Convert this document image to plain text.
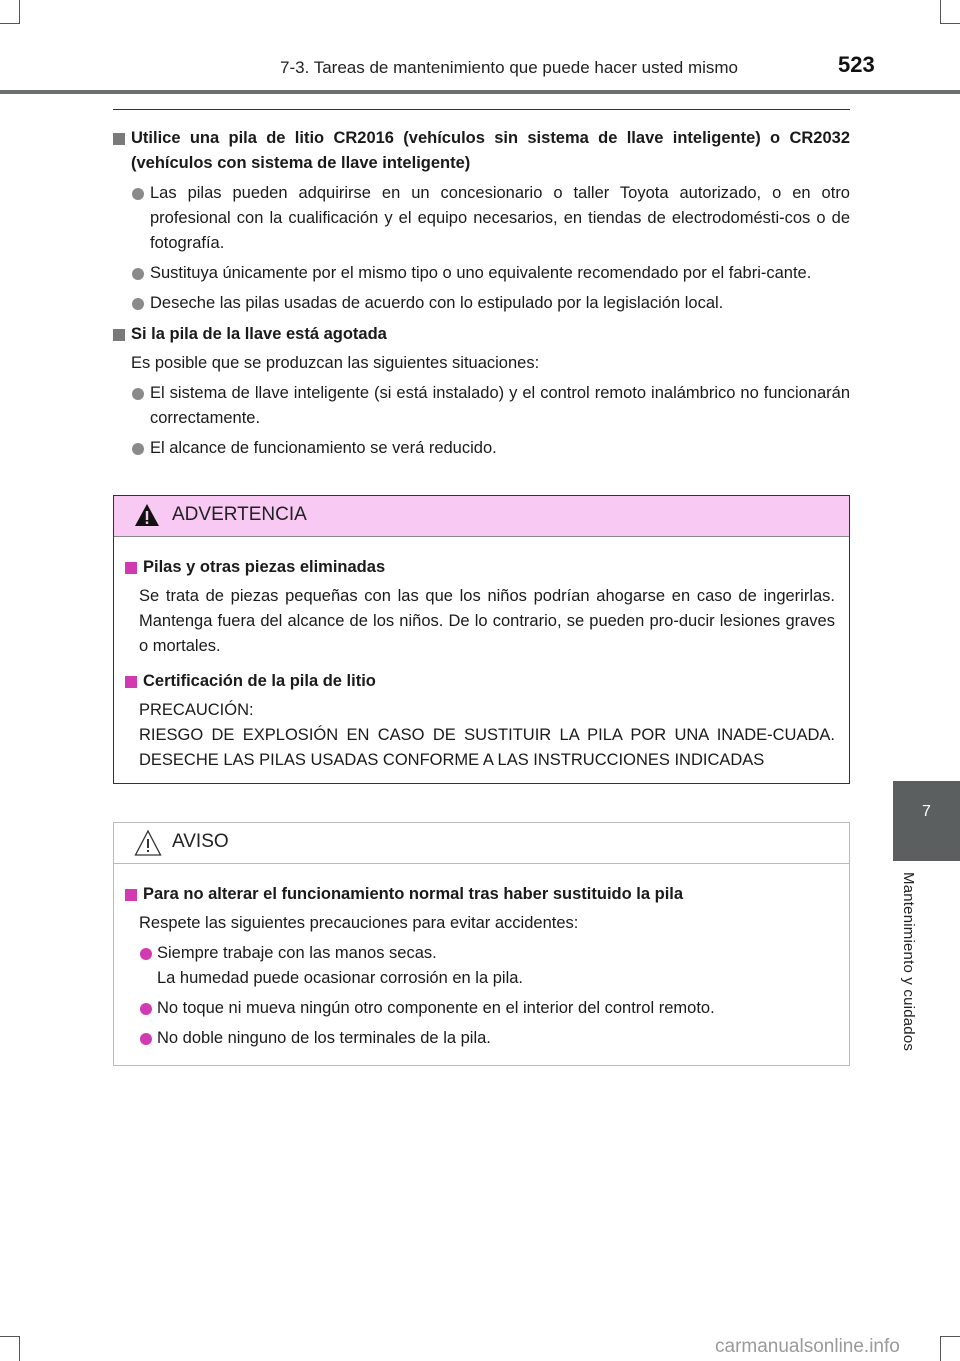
7-3. Tareas de mantenimiento que puede hacer usted mismo	523
7
Mantenimiento y cuidados
Utilice una pila de litio CR2016 (vehículos sin sistema de llave inteligente) o CR2032 (vehículos con sistema de llave inteligente)
Las pilas pueden adquirirse en un concesionario o taller Toyota autorizado, o en otro profesional con la cualificación y el equipo necesarios, en tiendas de electrodomésti-cos o de fotografía.
Sustituya únicamente por el mismo tipo o uno equivalente recomendado por el fabri-cante.
Deseche las pilas usadas de acuerdo con lo estipulado por la legislación local.
Si la pila de la llave está agotada
Es posible que se produzcan las siguientes situaciones:
El sistema de llave inteligente (si está instalado) y el control remoto inalámbrico no funcionarán correctamente.
El alcance de funcionamiento se verá reducido.
ADVERTENCIA
Pilas y otras piezas eliminadas
Se trata de piezas pequeñas con las que los niños podrían ahogarse en caso de ingerirlas. Mantenga fuera del alcance de los niños. De lo contrario, se pueden pro-ducir lesiones graves o mortales.
Certificación de la pila de litio
PRECAUCIÓN:
RIESGO DE EXPLOSIÓN EN CASO DE SUSTITUIR LA PILA POR UNA INADE-CUADA. DESECHE LAS PILAS USADAS CONFORME A LAS INSTRUCCIONES INDICADAS
AVISO
Para no alterar el funcionamiento normal tras haber sustituido la pila
Respete las siguientes precauciones para evitar accidentes:
Siempre trabaje con las manos secas.
La humedad puede ocasionar corrosión en la pila.
No toque ni mueva ningún otro componente en el interior del control remoto.
No doble ninguno de los terminales de la pila.
carmanualsonline.info
